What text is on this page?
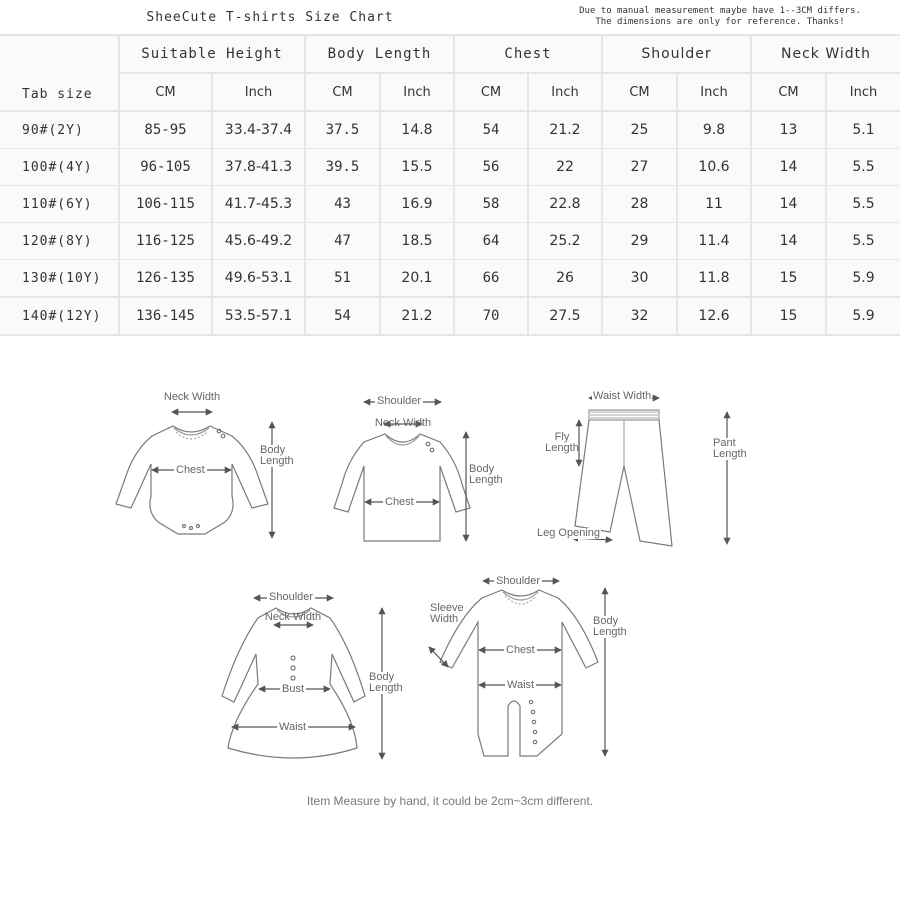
SheeCute T-shirts Size Chart	Due to manual measurement maybe have 1--3CM differs.
The dimensions are only for reference. Thanks!
Tab size
Suitable Height	Body Length	Chest	Shoulder	Neck Width
CM	Inch	CM	Inch	CM	Inch	CM	Inch	CM	Inch
90#(2Y)	85-95	33.4-37.4	37.5	14.8	54	21.2	25	9.8	13	5.1
100#(4Y)	96-105	37.8-41.3	39.5	15.5	56	22	27	10.6	14	5.5
110#(6Y)	106-115	41.7-45.3	43	16.9	58	22.8	28	11	14	5.5
120#(8Y)	116-125	45.6-49.2	47	18.5	64	25.2	29	11.4	14	5.5
130#(10Y)	126-135	49.6-53.1	51	20.1	66	26	30	11.8	15	5.9
140#(12Y)	136-145	53.5-57.1	54	21.2	70	27.5	32	12.6	15	5.9
Neck Width
Chest
Body
Length
Shoulder
Neck Width
Chest
Body
Length
Waist Width
Fly
Length	Pant
Length
Leg Opening
Shoulder
Neck Width
Bust
Waist
Body
Length
Shoulder
Sleeve
Width
Chest
Waist
Body
Length
Item Measure by hand, it could be 2cm~3cm different.
